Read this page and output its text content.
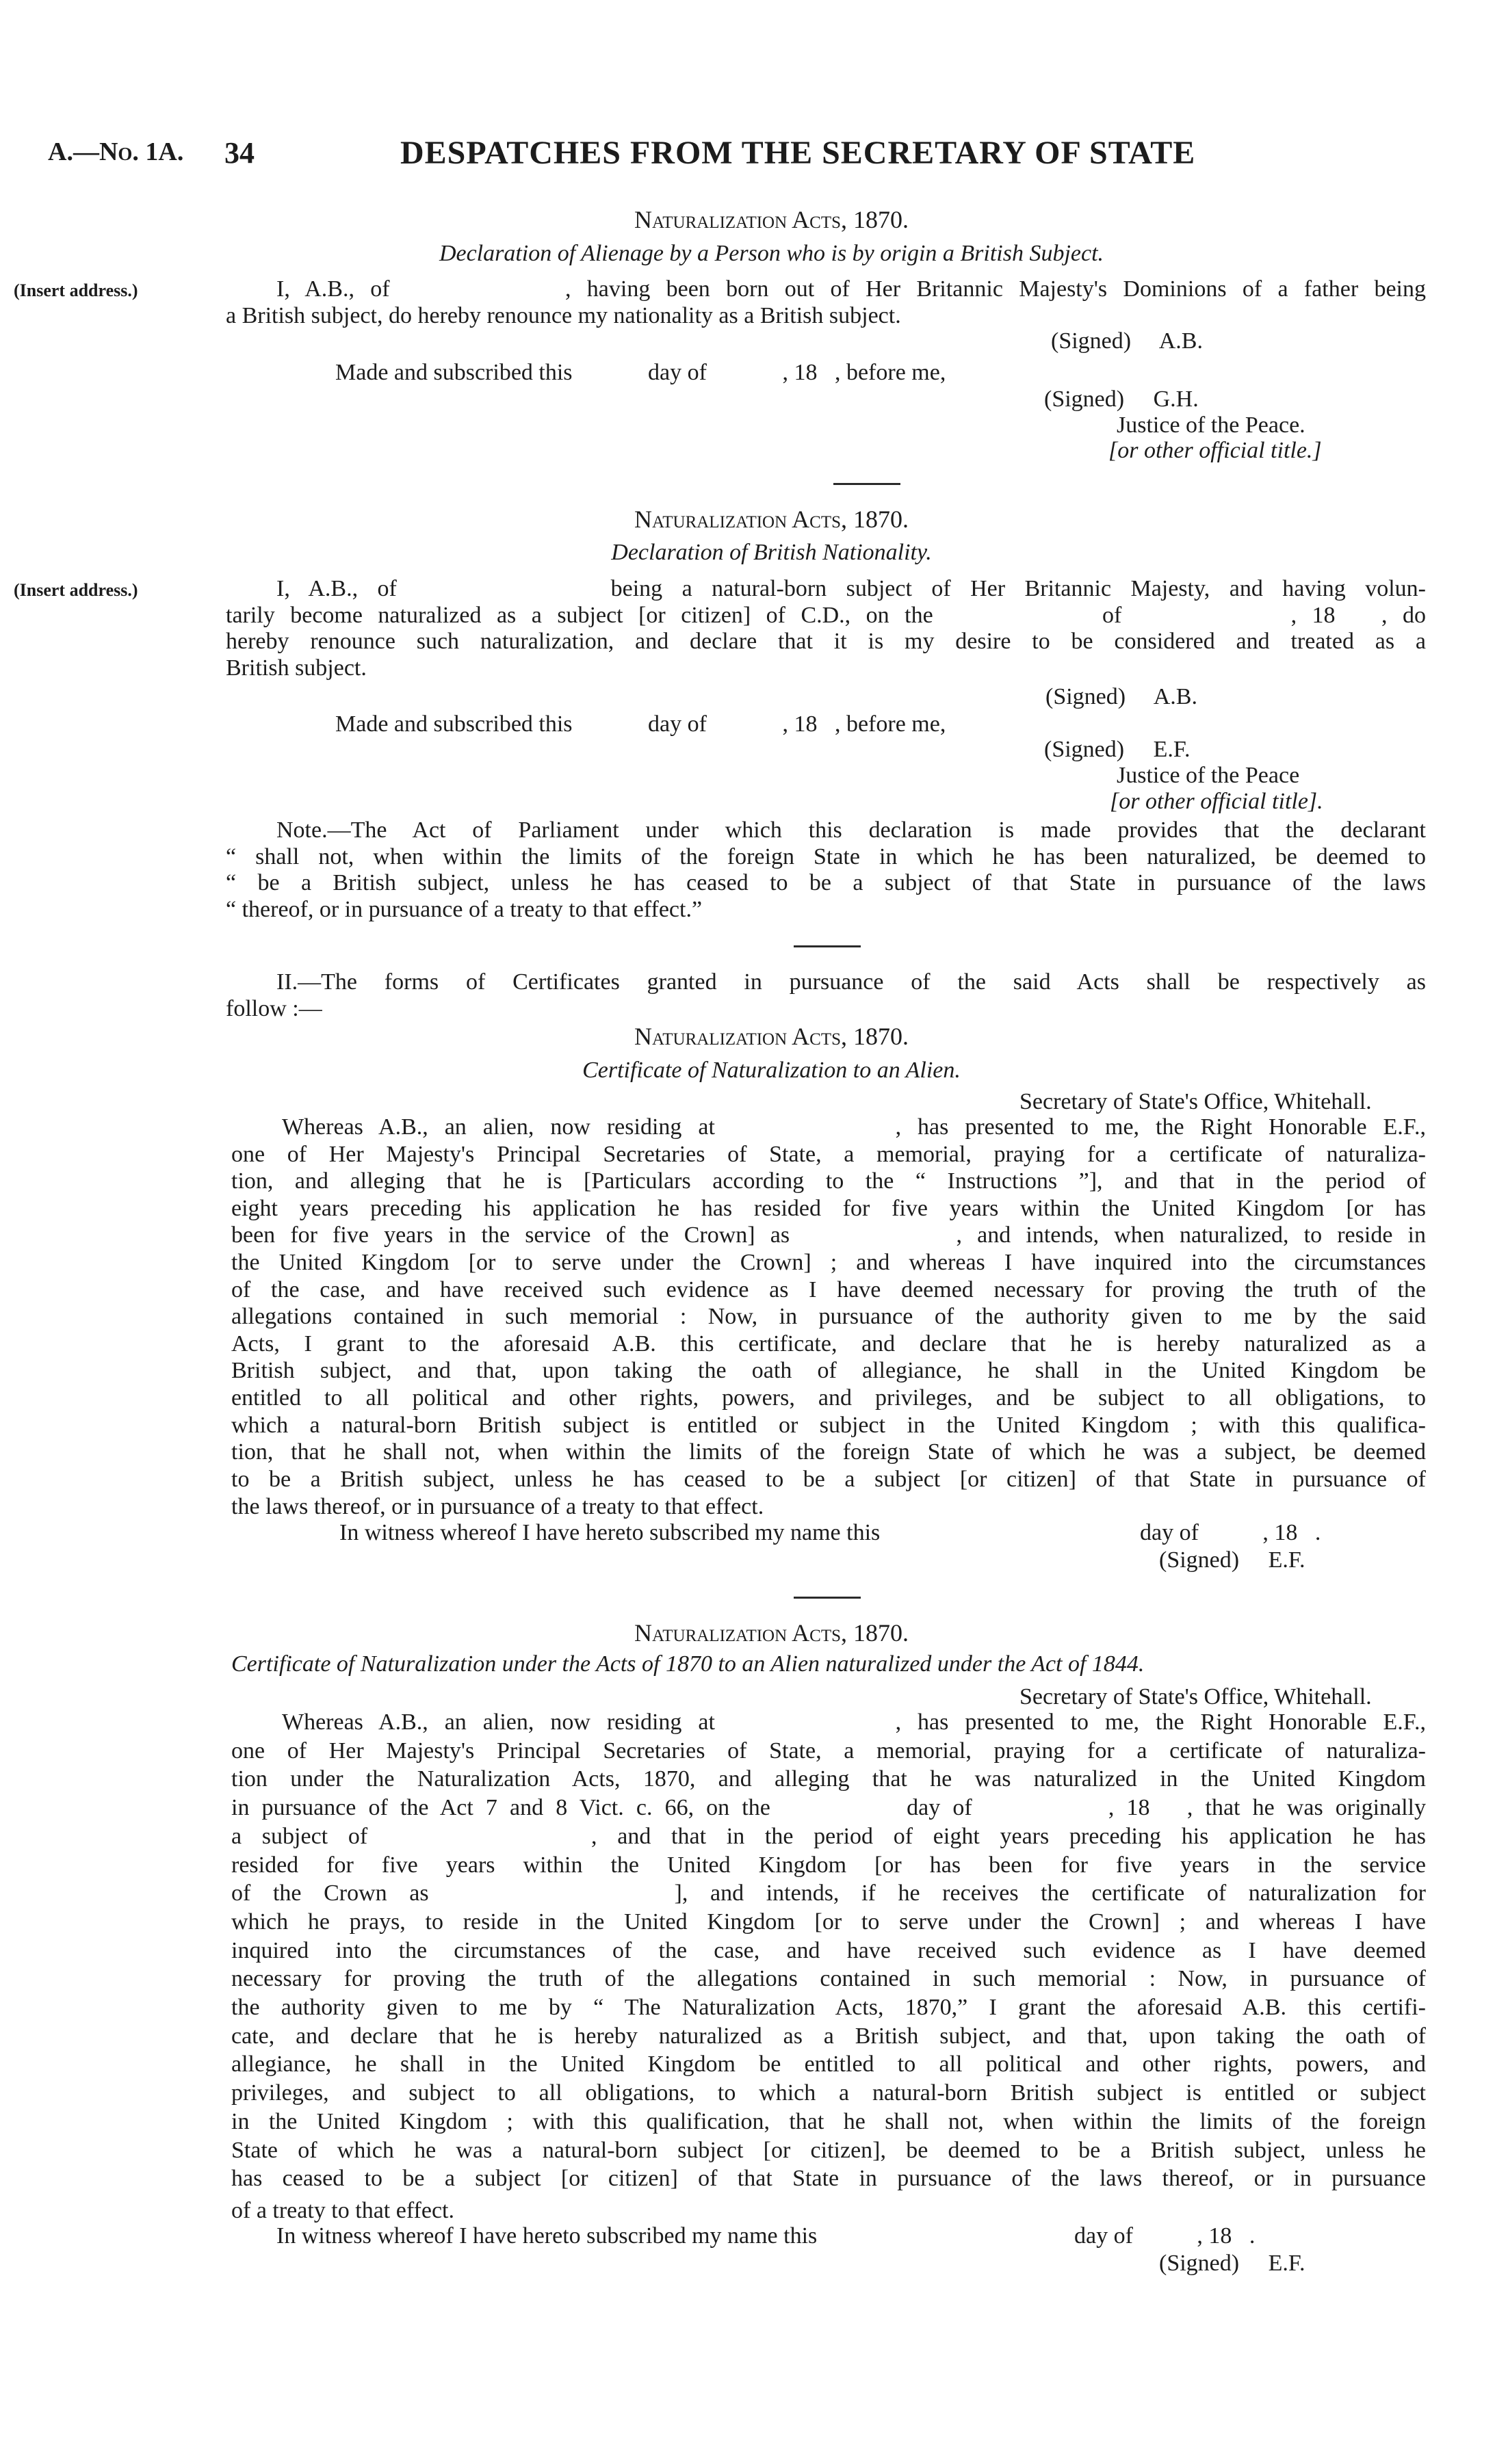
A.—No. 1A. 34	DESPATCHES FROM THE SECRETARY OF STATE
Naturalization Acts, 1870.
Declaration of Alienage by a Person who is by origin a British Subject.
(Insert address.)	I, A.B., of           , having been born out of Her Britannic Majesty's Dominions of a father being
a British subject, do hereby renounce my nationality as a British subject.
(Signed)     A.B.
Made and subscribed this             day of             , 18   , before me,
(Signed)     G.H.
Justice of the Peace.
[or other official title.]
Naturalization Acts, 1870.
Declaration of British Nationality.
(Insert address.)	I, A.B., of           being a natural-born subject of Her Britannic Majesty, and having volun-
tarily become naturalized as a subject [or citizen] of C.D., on the           of           , 18   , do
hereby renounce such naturalization, and declare that it is my desire to be considered and treated as a
British subject.
(Signed)     A.B.
Made and subscribed this             day of             , 18   , before me,
(Signed)     E.F.
Justice of the Peace
[or other official title].
Note.—The Act of Parliament under which this declaration is made provides that the declarant
“ shall not, when within the limits of the foreign State in which he has been naturalized, be deemed to
“ be a British subject, unless he has ceased to be a subject of that State in pursuance of the laws
“ thereof, or in pursuance of a treaty to that effect.”
II.—The forms of Certificates granted in pursuance of the said Acts shall be respectively as
follow :—
Naturalization Acts, 1870.
Certificate of Naturalization to an Alien.
Secretary of State's Office, Whitehall.
Whereas A.B., an alien, now residing at           , has presented to me, the Right Honorable E.F.,
one of Her Majesty's Principal Secretaries of State, a memorial, praying for a certificate of naturaliza-
tion, and alleging that he is [Particulars according to the “ Instructions ”], and that in the period of
eight years preceding his application he has resided for five years within the United Kingdom [or has
been for five years in the service of the Crown] as           , and intends, when naturalized, to reside in
the United Kingdom [or to serve under the Crown] ; and whereas I have inquired into the circumstances
of the case, and have received such evidence as I have deemed necessary for proving the truth of the
allegations contained in such memorial : Now, in pursuance of the authority given to me by the said
Acts, I grant to the aforesaid A.B. this certificate, and declare that he is hereby naturalized as a
British subject, and that, upon taking the oath of allegiance, he shall in the United Kingdom be
entitled to all political and other rights, powers, and privileges, and be subject to all obligations, to
which a natural-born British subject is entitled or subject in the United Kingdom ; with this qualifica-
tion, that he shall not, when within the limits of the foreign State of which he was a subject, be deemed
to be a British subject, unless he has ceased to be a subject [or citizen] of that State in pursuance of
the laws thereof, or in pursuance of a treaty to that effect.
In witness whereof I have hereto subscribed my name this	day of           , 18   .
(Signed)     E.F.
Naturalization Acts, 1870.
Certificate of Naturalization under the Acts of 1870 to an Alien naturalized under the Act of 1844.
Secretary of State's Office, Whitehall.
Whereas A.B., an alien, now residing at           , has presented to me, the Right Honorable E.F.,
one of Her Majesty's Principal Secretaries of State, a memorial, praying for a certificate of naturaliza-
tion under the Naturalization Acts, 1870, and alleging that he was naturalized in the United Kingdom
in pursuance of the Act 7 and 8 Vict. c. 66, on the           day of           , 18   , that he was originally
a subject of           , and that in the period of eight years preceding his application he has
resided for five years within the United Kingdom [or has been for five years in the service
of the Crown as           ], and intends, if he receives the certificate of naturalization for
which he prays, to reside in the United Kingdom [or to serve under the Crown] ; and whereas I have
inquired into the circumstances of the case, and have received such evidence as I have deemed
necessary for proving the truth of the allegations contained in such memorial : Now, in pursuance of
the authority given to me by “ The Naturalization Acts, 1870,” I grant the aforesaid A.B. this certifi-
cate, and declare that he is hereby naturalized as a British subject, and that, upon taking the oath of
allegiance, he shall in the United Kingdom be entitled to all political and other rights, powers, and
privileges, and subject to all obligations, to which a natural-born British subject is entitled or subject
in the United Kingdom ; with this qualification, that he shall not, when within the limits of the foreign
State of which he was a natural-born subject [or citizen], be deemed to be a British subject, unless he
has ceased to be a subject [or citizen] of that State in pursuance of the laws thereof, or in pursuance
of a treaty to that effect.
In witness whereof I have hereto subscribed my name this	day of           , 18   .
(Signed)     E.F.
